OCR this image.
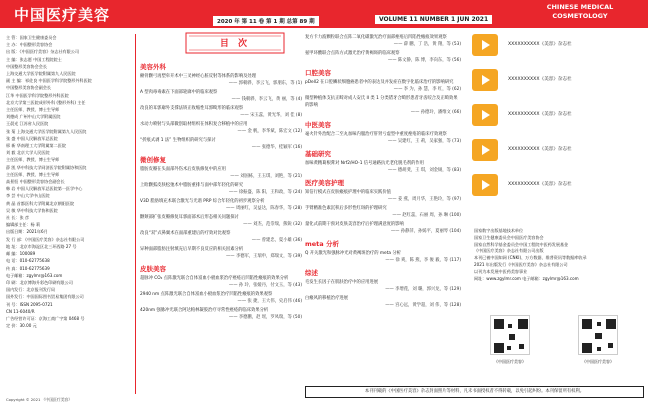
中国医疗美容	CHINESE MEDICAL
COSMETOLOGY
2020 年 第 11 卷 第 1 期 总第 89 期	VOLUME 11 NUMBER 1 JUN 2021
主 管：国家卫生健康委员会
主 办：中国整形美容协会
出 版：《中国医疗美容》杂志社有限公司
主 编：张志愿 中国工程院院士
中国整形美容协会会长
上海交通大学医学院附属第九人民医院
副 主 编：祁佐良 中国医学科学院整形外科医院
中国整形美容协会副会长
江华 中国医学科学院整形外科医院
北京大学第三医院成形外科 (整形外科) 主任
主任医师、教授、博士生导师
刘德成 广州中山大学附属医院
王晨光 江苏省人民医院
张 菊 上海交通大学医学院附属第九人民医院
张 盛 中国人民解放军总医院
邢 新 华南理工大学附属第二医院
刘 毅 北京大学人民医院
主任医师、教授、博士生导师
薛 凯 华中科技大学同济医学院附属协和医院
主任医师、教授、博士生导师
高景恒 中国整形美容协会副会长
韩 岩 中国人民解放军总医院第一医学中心
李 芸 中山大学中山医院
黄 晶 首都医科大学附属北京朝阳医院
吴 敏 华中科技大学协和医院
社 长：张 彦
编辑部主任：杨 莉
出版日期：2021年6月
发 行 部：《中国医疗美容》杂志社有限公司
地 址：北京市海淀区北三环西路 27 号
邮 编：100089
电 话：010-62775638
传 真：010-62775639
电子邮箱：zgylmr@163.com
印 刷：北京博海升彩色印刷有限公司
国内发行：北京报刊发行局
国外发行：中国国际图书贸易集团有限公司
刊 号：ISSN 2095-0721
CN 11-6040/R
广告经营许可证：京海工商广字第 0468 号
定 价：30.00 元
目 次
美容外科
额骨颧弓再塑牵开术中三叉神经心脏反射等体系的影响及处理
—— 郭朝骅，李云飞，郭朋东，等 (1)
A 型肉毒毒素在下面部轮廓中的临床观察
—— 钱朝骅，李云飞，黄 丽，等 (4)
改良的耳郭廓外支撑法矫正收缩性耳郭畸形的临床观察
—— 宋玉蕊，黄光华，刘 佳 (8)
水动力喷射与头部微创取材组织在体积复合移植中的应用
—— 金 帆，李华斌，陈宏文 (12)
“折痕式剥 1 法” 生物组织的研究与探讨
—— 张德华，桂颖军 (16)
微创修复
脂肪皮瓣在头面部外伤术后皮肤修复中的应用
—— 刘国栋，王玉琪，刘艳，等 (21)
上睑颧弧皮肤松弛术中脂肪重排与面中部年轻化的研究
—— 徐振盛，陈 阳，王和政，等 (24)
V3D 脂肪填充术联合激光与光谱 PRP 综合年轻化的初步观察分析
—— 周丽红，吴益达，陈春华，等 (28)
颧颊部扩张皮瓣修复耳郭面部术后形态相关问题探讨
—— 刘杰，范崇瑞，熊锐 (32)
改良“双”式鼻翼术在面部重建后的疗效对比观察
—— 曾建忠，夏小雄 (36)
异种面部脂肪注射填充后早期不良反应的相关因素分析
—— 李德军，王瑞申，郑瑞文，等 (39)
皮肤美容
超脉冲 CO₂ 点阵激光联合自体富血小板血浆治疗痤疮后凹陷性瘢痕的效果分析
—— 孙 玲，张媛丹，付文玉，等 (43)
2940 nm 点阵激光联合自体富血小板血浆治疗凹陷性瘢痕的效果观察
—— 张 捷，王大伟，史启伟 (46)
420nm 强脉冲光联合阿达帕林凝胶治疗寻常性痤疮的临床效果分析
—— 李德鹏，赵 瑶，罗凤瑞，等 (50)
复方卡力波颗粒联合点阵二氧化碳激光治疗面部痤疮后凹陷性瘢痕效果观察
—— 薛 鹏，丁 浩，黄 翔，等 (53)
氨甲环酸联合点阵方式激光治疗黄褐斑的临床观察
—— 陈文静，陈 博，李向东，等 (56)
口腔美容
pDell2 在口腔鳞状细胞癌患者中的表达及并发症在数字化临床治疗的影响研究
—— 李 为，孙 慧，李 红，等 (62)
微型种植体支抗正畸对成人安氏 II 类 1 分类错牙合畸形患者牙齿咬合及正畸效果的影响
—— 孙德玲，潘维文 (66)
中医美容
毫火针外治配合二至丸加味内服治疗肝肾亏虚型中重度痤疮的临床疗效观察
—— 吴建红，王 莉，吴家强，等 (73)
基础研究
加味黄精葛根膏对 Nrf2/HO-1 信号通路抗光老化脱毛剂的作用
—— 德胡斐，王 琪，刘金锡，等 (83)
医疗美容护理
知信行模式在皮肤瘢痕护理中的临床实践价值
—— 姜 燕，周月华，王艳玲，等 (97)
手臂精准色素沉积后多形性红斑的护理研究
—— 赵红蕊，石丽 周，孙 琳 (100)
量化式前期干预对皮肤美容治疗后护理满意度的影响
—— 孙静萍，孙嫣平，夏丽琴 (104)
meta 分析
Q 开关激光和强脉冲光对黄褐斑治疗的 meta 分析
—— 徐 爽，陈 燕，李 俊 毅，等 (117)
综述
毛发生长因子在肌肤治疗中的应用进展
—— 李增莲，刘 璐，郭兴龙，等 (129)
白瘢风的移植治疗进展
—— 宫心远，黄学超，刘 伟，等 (128)
XXXXXXXXXX《美容》杂志社
XXXXXXXXXX《美容》杂志社
XXXXXXXXXX《美容》杂志社
XXXXXXXXXX《美容》杂志社
XXXXXXXXXX《美容》杂志社
国家数字出版基地技术单位
国家卫生健康委员会中国医疗美容协会
国家自然科学基金委员会中国工程院中医药发展基金
《中国医疗美容》杂志社有限公司出版
本刊已被中国知网 (CNKI)、万方数据、维普资讯等数据库收录
2021 年出版发行《中国医疗美容》杂志社有限公司
以刊为本发展中医药美容事业
网址：www.zgylmr.com 电子邮箱：zgylmr@163.com
《中国医疗美容》	《中国医疗美容》
本刊刊载的《中国医疗美容》杂志封面照片等材料，凡未书面授权者不得转载，以免引起纠纷。本刊保留所有权利。
Copyright © 2021 《中国医疗美容》
